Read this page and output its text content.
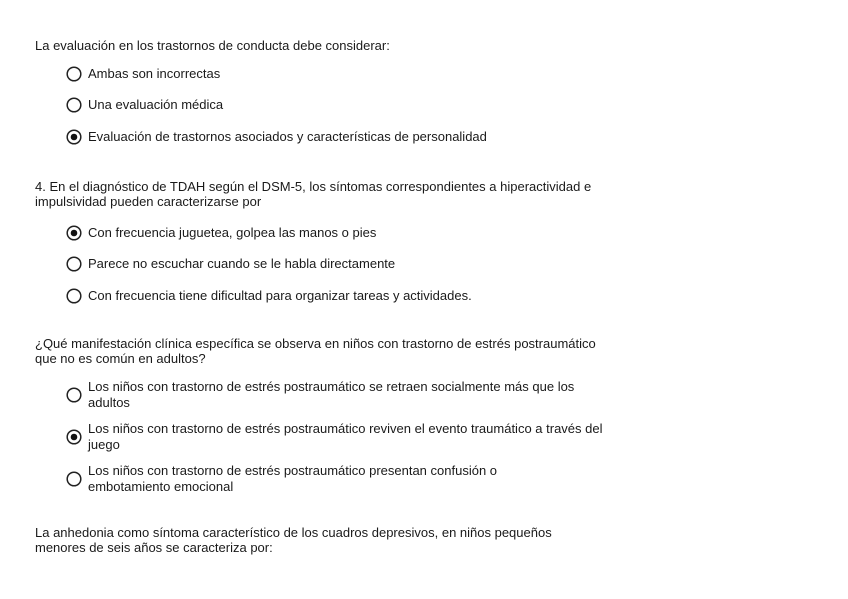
La evaluación en los trastornos de conducta debe considerar:
Ambas son incorrectas
Una evaluación médica
Evaluación de trastornos asociados y características de personalidad
4. En el diagnóstico de TDAH según el DSM-5, los síntomas correspondientes a hiperactividad e impulsividad pueden caracterizarse por
Con frecuencia juguetea, golpea las manos o pies
Parece no escuchar cuando se le habla directamente
Con frecuencia tiene dificultad para organizar tareas y actividades.
¿Qué manifestación clínica específica se observa en niños con trastorno de estrés postraumático que no es común en adultos?
Los niños con trastorno de estrés postraumático se retraen socialmente más que los adultos
Los niños con trastorno de estrés postraumático reviven el evento traumático a través del juego
Los niños con trastorno de estrés postraumático presentan confusión o embotamiento emocional
La anhedonia como síntoma característico de los cuadros depresivos, en niños pequeños menores de seis años se caracteriza por:
